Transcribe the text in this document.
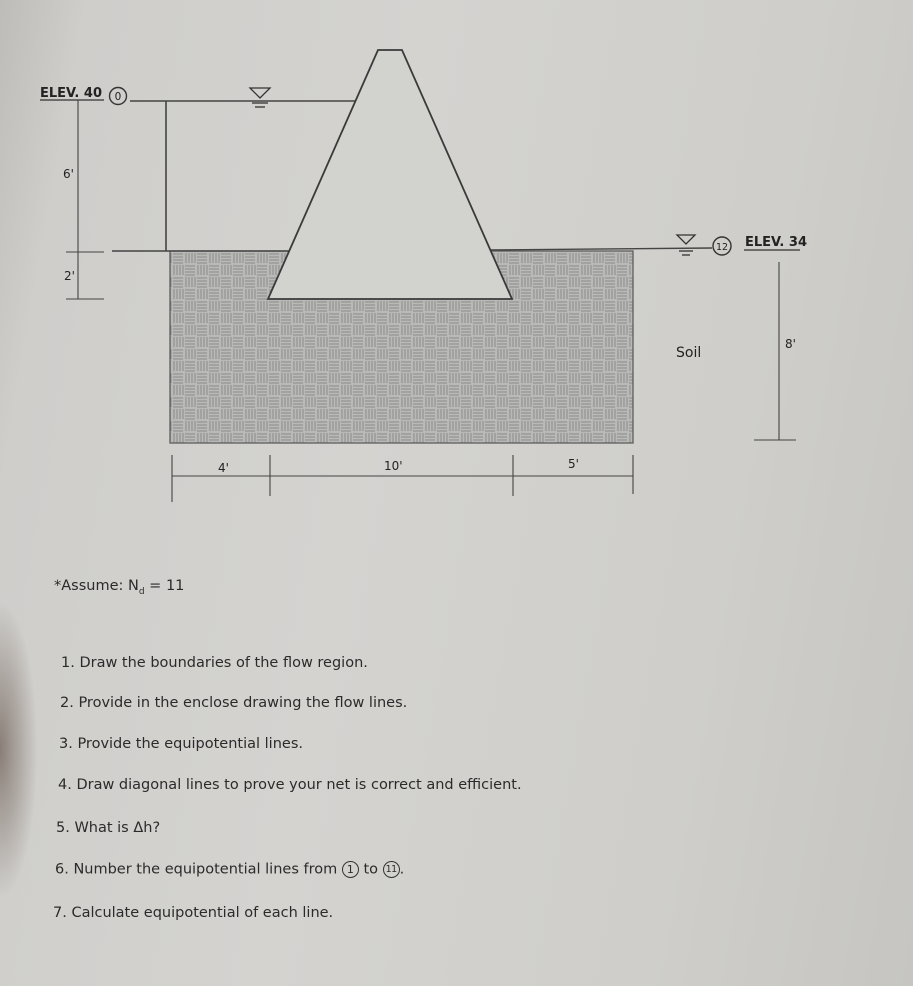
ELEV. 40 0
6'
2'
12 ELEV. 34
8'
Soil
4'	10'	5'
*Assume: $N_d = 11$
1. Draw the boundaries of the flow region.
2. Provide in the enclose drawing the flow lines.
3. Provide the equipotential lines.
4. Draw diagonal lines to prove your net is correct and efficient.
5. What is Δh?
6. Number the equipotential lines from 1 to 11 .
7. Calculate equipotential of each line.
